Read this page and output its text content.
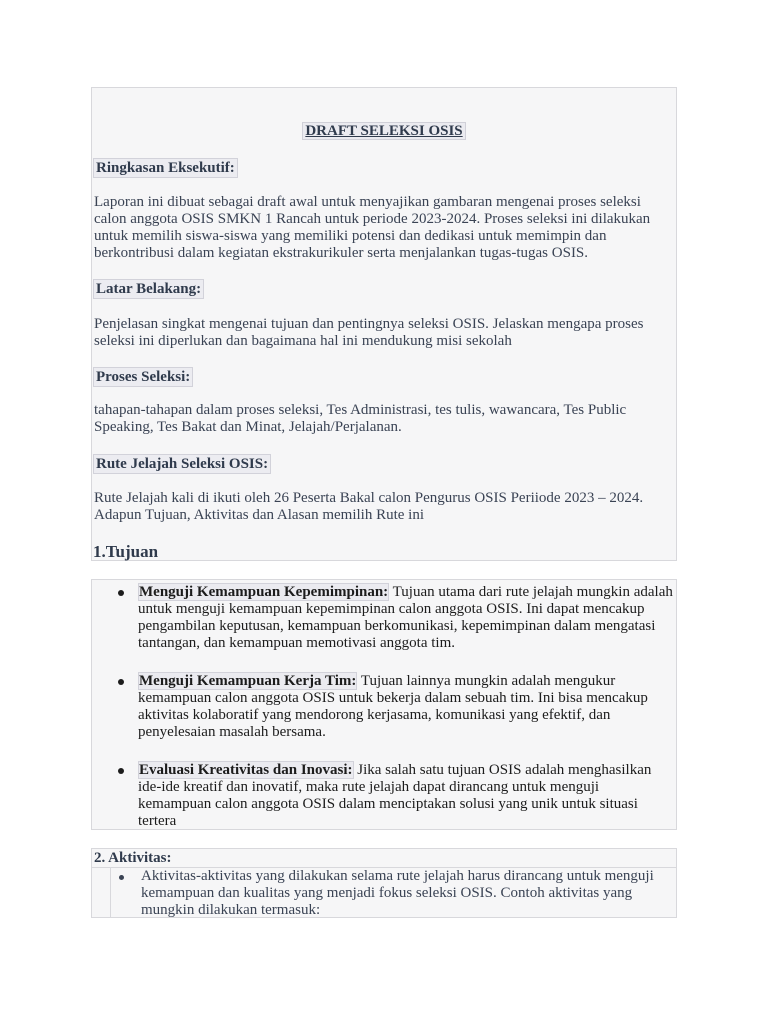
DRAFT SELEKSI OSIS
Ringkasan Eksekutif:

Laporan ini dibuat sebagai draft awal untuk menyajikan gambaran mengenai proses seleksi calon anggota OSIS SMKN 1 Rancah untuk periode 2023-2024. Proses seleksi ini dilakukan untuk memilih siswa-siswa yang memiliki potensi dan dedikasi untuk memimpin dan berkontribusi dalam kegiatan ekstrakurikuler serta menjalankan tugas-tugas OSIS.

Latar Belakang:

Penjelasan singkat mengenai tujuan dan pentingnya seleksi OSIS. Jelaskan mengapa proses seleksi ini diperlukan dan bagaimana hal ini mendukung misi sekolah

Proses Seleksi:

tahapan-tahapan dalam proses seleksi, Tes Administrasi, tes tulis, wawancara, Tes Public Speaking, Tes Bakat dan Minat, Jelajah/Perjalanan.

Rute Jelajah Seleksi OSIS:

Rute Jelajah kali di ikuti oleh 26 Peserta Bakal calon Pengurus OSIS Periiode 2023 – 2024. Adapun Tujuan, Aktivitas dan Alasan memilih Rute ini

1.Tujuan
Menguji Kemampuan Kepemimpinan: Tujuan utama dari rute jelajah mungkin adalah untuk menguji kemampuan kepemimpinan calon anggota OSIS. Ini dapat mencakup pengambilan keputusan, kemampuan berkomunikasi, kepemimpinan dalam mengatasi tantangan, dan kemampuan memotivasi anggota tim.
Menguji Kemampuan Kerja Tim: Tujuan lainnya mungkin adalah mengukur kemampuan calon anggota OSIS untuk bekerja dalam sebuah tim. Ini bisa mencakup aktivitas kolaboratif yang mendorong kerjasama, komunikasi yang efektif, dan penyelesaian masalah bersama.
Evaluasi Kreativitas dan Inovasi: Jika salah satu tujuan OSIS adalah menghasilkan ide-ide kreatif dan inovatif, maka rute jelajah dapat dirancang untuk menguji kemampuan calon anggota OSIS dalam menciptakan solusi yang unik untuk situasi tertera
2. Aktivitas:
Aktivitas-aktivitas yang dilakukan selama rute jelajah harus dirancang untuk menguji kemampuan dan kualitas yang menjadi fokus seleksi OSIS. Contoh aktivitas yang mungkin dilakukan termasuk:
